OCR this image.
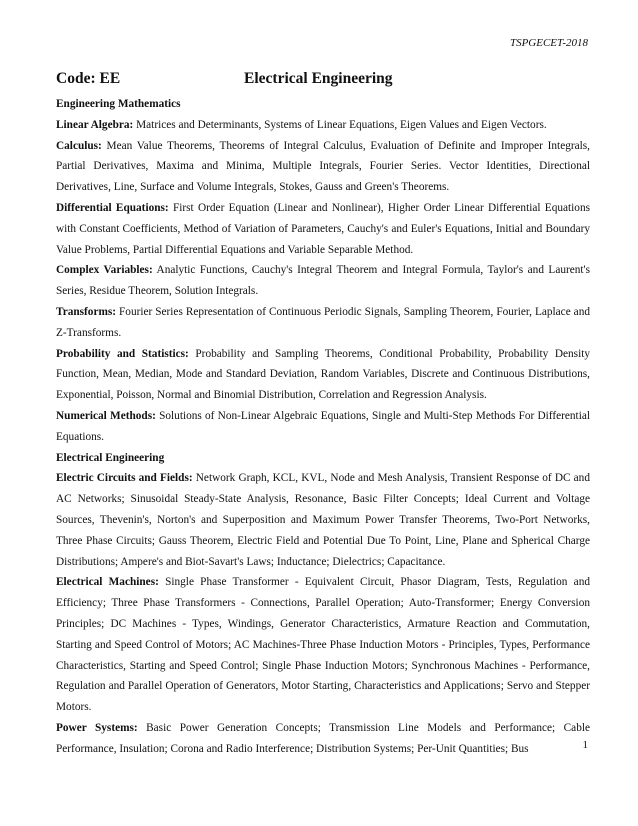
TSPGECET-2018
Code: EE	Electrical Engineering

Engineering Mathematics

Linear Algebra: Matrices and Determinants, Systems of Linear Equations, Eigen Values and Eigen Vectors.

Calculus: Mean Value Theorems, Theorems of Integral Calculus, Evaluation of Definite and Improper Integrals, Partial Derivatives, Maxima and Minima, Multiple Integrals, Fourier Series. Vector Identities, Directional Derivatives, Line, Surface and Volume Integrals, Stokes, Gauss and Green's Theorems.

Differential Equations: First Order Equation (Linear and Nonlinear), Higher Order Linear Differential Equations with Constant Coefficients, Method of Variation of Parameters, Cauchy's and Euler's Equations, Initial and Boundary Value Problems, Partial Differential Equations and Variable Separable Method.

Complex Variables: Analytic Functions, Cauchy's Integral Theorem and Integral Formula, Taylor's and Laurent's Series, Residue Theorem, Solution Integrals.

Transforms: Fourier Series Representation of Continuous Periodic Signals, Sampling Theorem, Fourier, Laplace and Z-Transforms.

Probability and Statistics: Probability and Sampling Theorems, Conditional Probability, Probability Density Function, Mean, Median, Mode and Standard Deviation, Random Variables, Discrete and Continuous Distributions, Exponential, Poisson, Normal and Binomial Distribution, Correlation and Regression Analysis.

Numerical Methods: Solutions of Non-Linear Algebraic Equations, Single and Multi-Step Methods For Differential Equations.

Electrical Engineering

Electric Circuits and Fields: Network Graph, KCL, KVL, Node and Mesh Analysis, Transient Response of DC and AC Networks; Sinusoidal Steady-State Analysis, Resonance, Basic Filter Concepts; Ideal Current and Voltage Sources, Thevenin's, Norton's and Superposition and Maximum Power Transfer Theorems, Two-Port Networks, Three Phase Circuits; Gauss Theorem, Electric Field and Potential Due To Point, Line, Plane and Spherical Charge Distributions; Ampere's and Biot-Savart's Laws; Inductance; Dielectrics; Capacitance.

Electrical Machines: Single Phase Transformer - Equivalent Circuit, Phasor Diagram, Tests, Regulation and Efficiency; Three Phase Transformers - Connections, Parallel Operation; Auto-Transformer; Energy Conversion Principles; DC Machines - Types, Windings, Generator Characteristics, Armature Reaction and Commutation, Starting and Speed Control of Motors; AC Machines-Three Phase Induction Motors - Principles, Types, Performance Characteristics, Starting and Speed Control; Single Phase Induction Motors; Synchronous Machines - Performance, Regulation and Parallel Operation of Generators, Motor Starting, Characteristics and Applications; Servo and Stepper Motors.

Power Systems: Basic Power Generation Concepts; Transmission Line Models and Performance; Cable Performance, Insulation; Corona and Radio Interference; Distribution Systems; Per-Unit Quantities; Bus	1
